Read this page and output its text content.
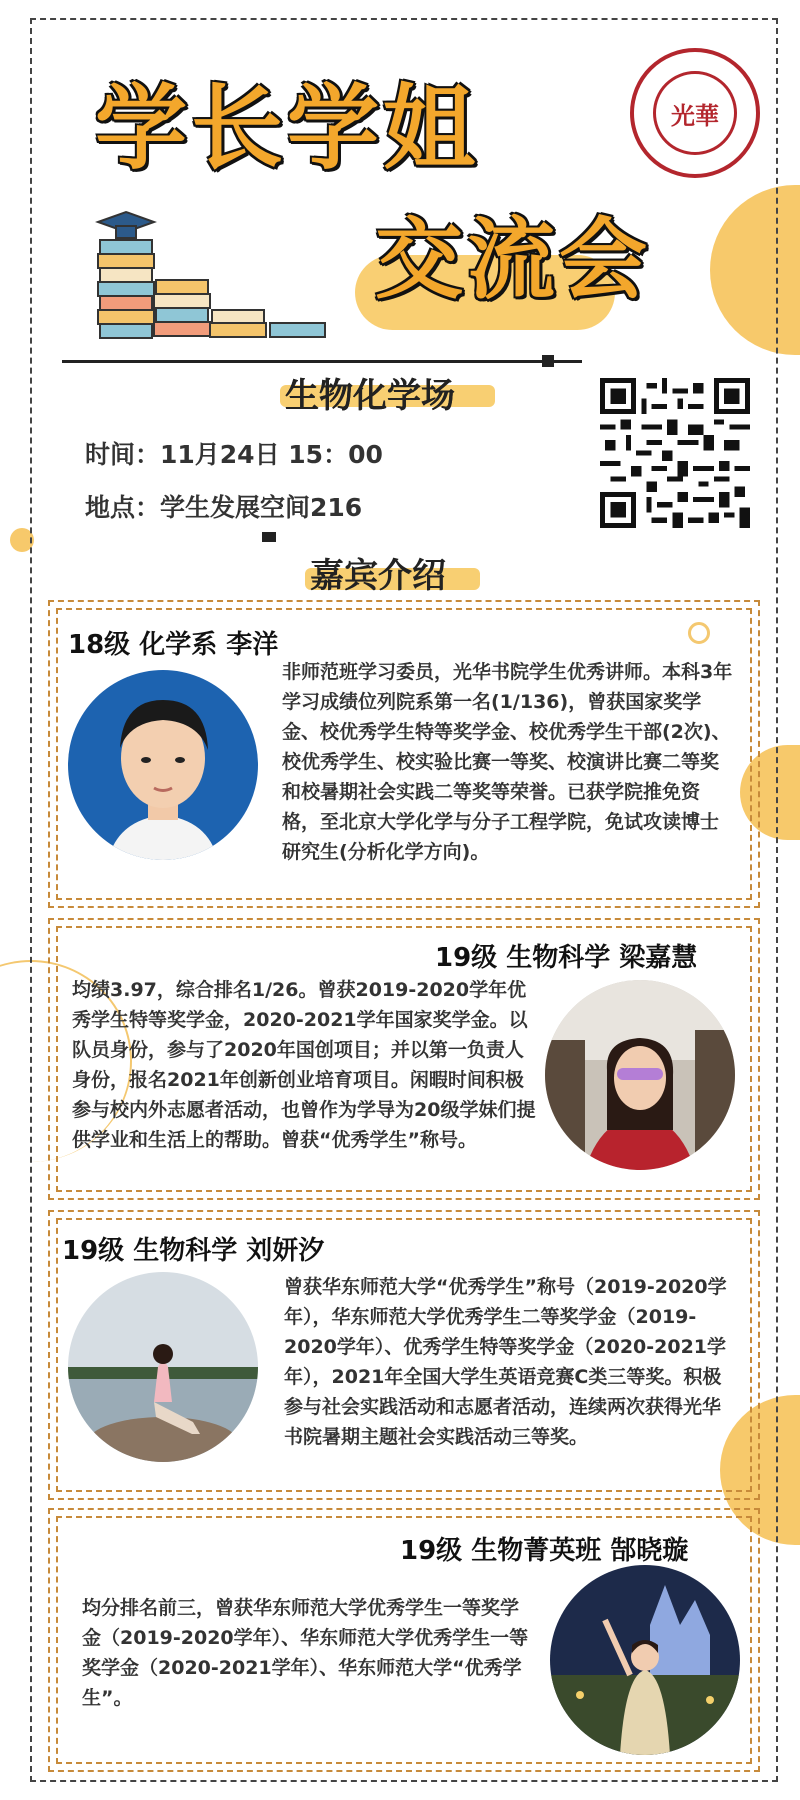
学长学姐
交流会
光華
生物化学场
时间：11月24日 15：00
地点：学生发展空间216
嘉宾介绍
18级 化学系 李洋
非师范班学习委员，光华书院学生优秀讲师。本科3年学习成绩位列院系第一名(1/136)，曾获国家奖学金、校优秀学生特等奖学金、校优秀学生干部(2次)、校优秀学生、校实验比赛一等奖、校演讲比赛二等奖和校暑期社会实践二等奖等荣誉。已获学院推免资格，至北京大学化学与分子工程学院，免试攻读博士研究生(分析化学方向)。
19级 生物科学 梁嘉慧
均绩3.97，综合排名1/26。曾获2019-2020学年优秀学生特等奖学金，2020-2021学年国家奖学金。以队员身份，参与了2020年国创项目；并以第一负责人身份，报名2021年创新创业培育项目。闲暇时间积极参与校内外志愿者活动，也曾作为学导为20级学妹们提供学业和生活上的帮助。曾获“优秀学生”称号。
19级 生物科学 刘妍汐
曾获华东师范大学“优秀学生”称号（2019-2020学年），华东师范大学优秀学生二等奖学金（2019-2020学年）、优秀学生特等奖学金（2020-2021学年），2021年全国大学生英语竞赛C类三等奖。积极参与社会实践活动和志愿者活动，连续两次获得光华书院暑期主题社会实践活动三等奖。
19级 生物菁英班 郜晓璇
均分排名前三，曾获华东师范大学优秀学生一等奖学金（2019-2020学年）、华东师范大学优秀学生一等奖学金（2020-2021学年）、华东师范大学“优秀学生”。
